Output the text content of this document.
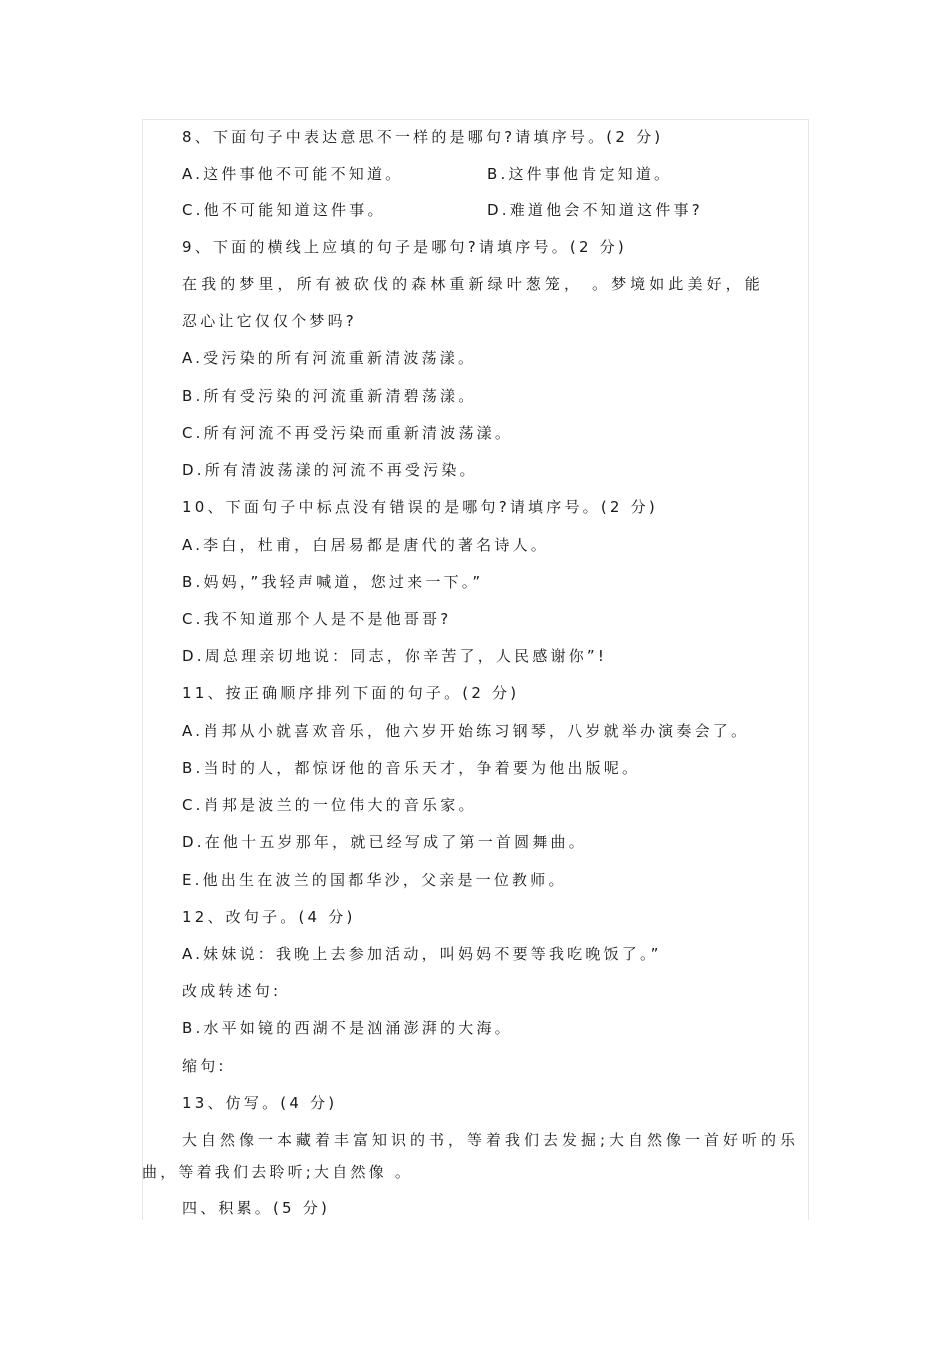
8、下面句子中表达意思不一样的是哪句?请填序号。(2 分)
A.这件事他不可能不知道。	B.这件事他肯定知道。
C.他不可能知道这件事。	D.难道他会不知道这件事?
9、下面的横线上应填的句子是哪句?请填序号。(2 分)
在我的梦里，所有被砍伐的森林重新绿叶葱笼， 。梦境如此美好，能
忍心让它仅仅个梦吗?
A.受污染的所有河流重新清波荡漾。
B.所有受污染的河流重新清碧荡漾。
C.所有河流不再受污染而重新清波荡漾。
D.所有清波荡漾的河流不再受污染。
10、下面句子中标点没有错误的是哪句?请填序号。(2 分)
A.李白，杜甫，白居易都是唐代的著名诗人。
B.妈妈，”我轻声喊道，您过来一下。”
C.我不知道那个人是不是他哥哥?
D.周总理亲切地说：同志，你辛苦了，人民感谢你”!
11、按正确顺序排列下面的句子。(2 分)
A.肖邦从小就喜欢音乐，他六岁开始练习钢琴，八岁就举办演奏会了。
B.当时的人，都惊讶他的音乐天才，争着要为他出版呢。
C.肖邦是波兰的一位伟大的音乐家。
D.在他十五岁那年，就已经写成了第一首圆舞曲。
E.他出生在波兰的国都华沙，父亲是一位教师。
12、改句子。(4 分)
A.妹妹说：我晚上去参加活动，叫妈妈不要等我吃晚饭了。”
改成转述句:
B.水平如镜的西湖不是汹涌澎湃的大海。
缩句:
13、仿写。(4 分)
大自然像一本藏着丰富知识的书，等着我们去发掘;大自然像一首好听的乐
曲，等着我们去聆听;大自然像 。
四、积累。(5 分)
